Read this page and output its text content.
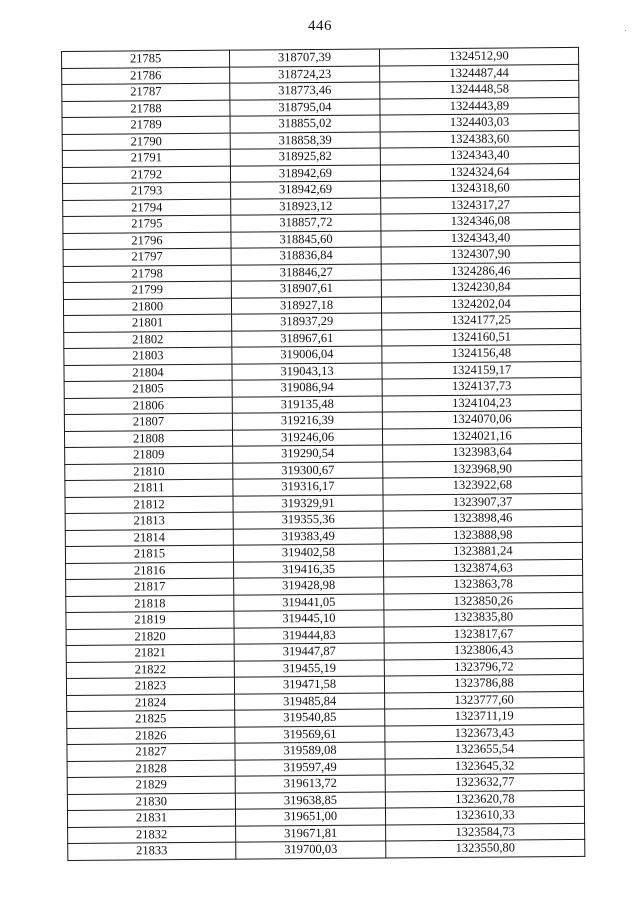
446
21785	318707,39	1324512,90
21786	318724,23	1324487,44
21787	318773,46	1324448,58
21788	318795,04	1324443,89
21789	318855,02	1324403,03
21790	318858,39	1324383,60
21791	318925,82	1324343,40
21792	318942,69	1324324,64
21793	318942,69	1324318,60
21794	318923,12	1324317,27
21795	318857,72	1324346,08
21796	318845,60	1324343,40
21797	318836,84	1324307,90
21798	318846,27	1324286,46
21799	318907,61	1324230,84
21800	318927,18	1324202,04
21801	318937,29	1324177,25
21802	318967,61	1324160,51
21803	319006,04	1324156,48
21804	319043,13	1324159,17
21805	319086,94	1324137,73
21806	319135,48	1324104,23
21807	319216,39	1324070,06
21808	319246,06	1324021,16
21809	319290,54	1323983,64
21810	319300,67	1323968,90
21811	319316,17	1323922,68
21812	319329,91	1323907,37
21813	319355,36	1323898,46
21814	319383,49	1323888,98
21815	319402,58	1323881,24
21816	319416,35	1323874,63
21817	319428,98	1323863,78
21818	319441,05	1323850,26
21819	319445,10	1323835,80
21820	319444,83	1323817,67
21821	319447,87	1323806,43
21822	319455,19	1323796,72
21823	319471,58	1323786,88
21824	319485,84	1323777,60
21825	319540,85	1323711,19
21826	319569,61	1323673,43
21827	319589,08	1323655,54
21828	319597,49	1323645,32
21829	319613,72	1323632,77
21830	319638,85	1323620,78
21831	319651,00	1323610,33
21832	319671,81	1323584,73
21833	319700,03	1323550,80
